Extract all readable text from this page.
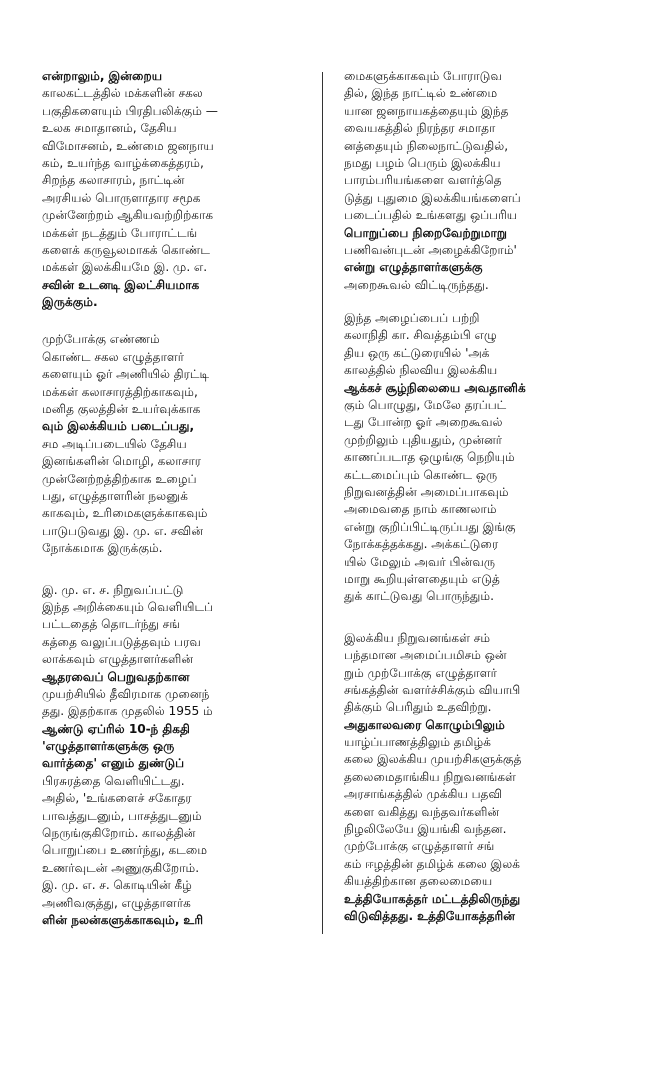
என்றாலும், இன்றைய
காலகட்டத்தில் மக்களின் சகல
பகுதிகளையும் பிரதிபலிக்கும் —
உலக சமாதானம், தேசிய
விமோசனம், உண்மை ஜனநாய
கம், உயர்ந்த வாழ்க்கைத்தரம்,
சிறந்த கலாசாரம், நாட்டின்
அரசியல் பொருளாதார சமூக
முன்னேற்றம் ஆகியவற்றிற்காக
மக்கள் நடத்தும் போராட்டங்
களைக் கருவூலமாகக் கொண்ட
மக்கள் இலக்கியமே இ. மு. எ.
சவின் உடனடி இலட்சியமாக
இருக்கும்.
முற்போக்கு எண்ணம்
கொண்ட சகல எழுத்தாளர்
களையும் ஓர் அணியில் திரட்டி
மக்கள் கலாசாரத்திற்காகவும்,
மனித குலத்தின் உயர்வுக்காக
வும் இலக்கியம் படைப்பது,
சம அடிப்படையில் தேசிய
இனங்களின் மொழி, கலாசார
முன்னேற்றத்திற்காக உழைப்
பது, எழுத்தாளரின் நலனுக்
காகவும், உரிமைகளுக்காகவும்
பாடுபடுவது இ. மு. எ. சவின்
நோக்கமாக இருக்கும்.
இ. மு. எ. ச. நிறுவப்பட்டு
இந்த அறிக்கையும் வெளியிடப்
பட்டதைத் தொடர்ந்து சங்
கத்தை வலுப்படுத்தவும் பரவ
லாக்கவும் எழுத்தாளர்களின்
ஆதரவைப் பெறுவதற்கான
முயற்சியில் தீவிரமாக முனைந்
தது. இதற்காக முதலில் 1955 ம்
ஆண்டு ஏப்ரில் 10-ந் திகதி
'எழுத்தாளர்களுக்கு ஒரு
வார்த்தை' எனும் துண்டுப்
பிரசுரத்தை வெளியிட்டது.
அதில், 'உங்களைச் சகோதர
பாவத்துடனும், பாசத்துடனும்
நெருங்குகிறோம். காலத்தின்
பொறுப்பை உணர்ந்து, கடமை
உணர்வுடன் அணுகுகிறோம்.
இ. மு. எ. ச. கொடியின் கீழ்
அணிவகுத்து, எழுத்தாளர்க
ளின் நலன்களுக்காகவும், உரி
மைகளுக்காகவும் போராடுவ
தில், இந்த நாட்டில் உண்மை
யான ஜனநாயகத்தையும் இந்த
வையகத்தில் நிரந்தர சமாதா
னத்தையும் நிலைநாட்டுவதில்,
நமது பழம் பெரும் இலக்கிய
பாரம்பரியங்களை வளர்த்தெ
டுத்து புதுமை இலக்கியங்களைப்
படைப்பதில் உங்களது ஒப்பரிய
பொறுப்பை நிறைவேற்றுமாறு
பணிவன்புடன் அழைக்கிறோம்'
என்று எழுத்தாளர்களுக்கு
அறைகூவல் விட்டிருந்தது.
இந்த அழைப்பைப் பற்றி
கலாநிதி கா. சிவத்தம்பி எழு
திய ஒரு கட்டுரையில் 'அக்
காலத்தில் நிலவிய இலக்கிய
ஆக்கச் சூழ்நிலையை அவதானிக்
கும் பொழுது, மேலே தரப்பட்
டது போன்ற ஓர் அறைகூவல்
முற்றிலும் புதியதும், முன்னர்
காணப்படாத ஒழுங்கு நெறியும்
கட்டமைப்பும் கொண்ட ஒரு
நிறுவனத்தின் அமைப்பாகவும்
அமைவதை நாம் காணலாம்
என்று குறிப்பிட்டிருப்பது இங்கு
நோக்கத்தக்கது. அக்கட்டுரை
யில் மேலும் அவர் பின்வரு
மாறு கூறியுள்ளதையும் எடுத்
துக் காட்டுவது பொருந்தும்.
இலக்கிய நிறுவனங்கள் சம்
பந்தமான அமைப்பமிசம் ஒன்
றும் முற்போக்கு எழுத்தாளர்
சங்கத்தின் வளர்ச்சிக்கும் வியாபி
திக்கும் பெரிதும் உதவிற்று.
அதுகாலவரை கொழும்பிலும்
யாழ்ப்பாணத்திலும் தமிழ்க்
கலை இலக்கிய முயற்சிகளுக்குத்
தலைமைதாங்கிய நிறுவனங்கள்
அரசாங்கத்தில் முக்கிய பதவி
களை வகித்து வந்தவர்களின்
நிழலிலேயே இயங்கி வந்தன.
முற்போக்கு எழுத்தாளர் சங்
கம் ஈழத்தின் தமிழ்க் கலை இலக்
கியத்திற்கான தலைமையை
உத்தியோகத்தர் மட்டத்திலிருந்து
விடுவித்தது. உத்தியோகத்தரின்
